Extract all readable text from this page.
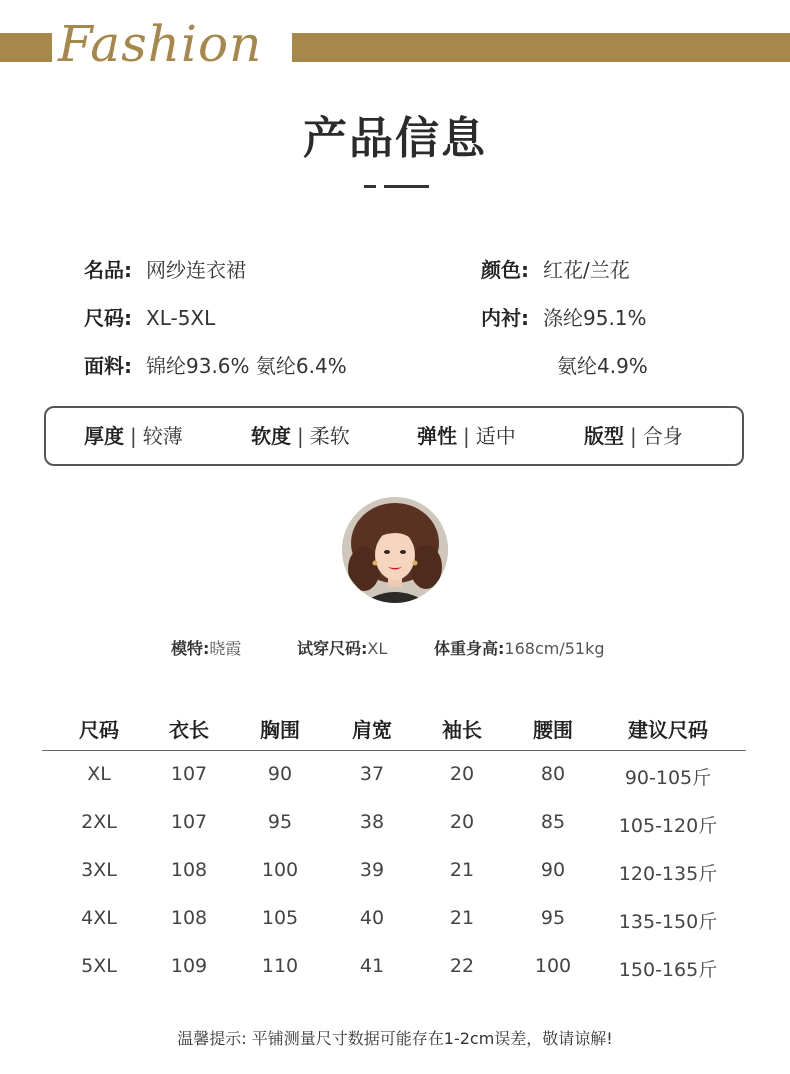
专注时尚妈妈装
Fashion
产品信息
名品: 网纱连衣裙	颜色: 红花/兰花
尺码: XL-5XL	内衬: 涤纶95.1%
面料: 锦纶93.6% 氨纶6.4%	氨纶4.9%
厚度 | 较薄	软度 | 柔软	弹性 | 适中	版型 | 合身
模特:晓霞	试穿尺码:XL	体重身高:168cm/51kg
尺码	衣长	胸围	肩宽	袖长	腰围	建议尺码
XL	107	90	37	20	80	90-105斤
2XL	107	95	38	20	85	105-120斤
3XL	108	100	39	21	90	120-135斤
4XL	108	105	40	21	95	135-150斤
5XL	109	110	41	22	100	150-165斤
温馨提示: 平铺测量尺寸数据可能存在1-2cm误差，敬请谅解!
